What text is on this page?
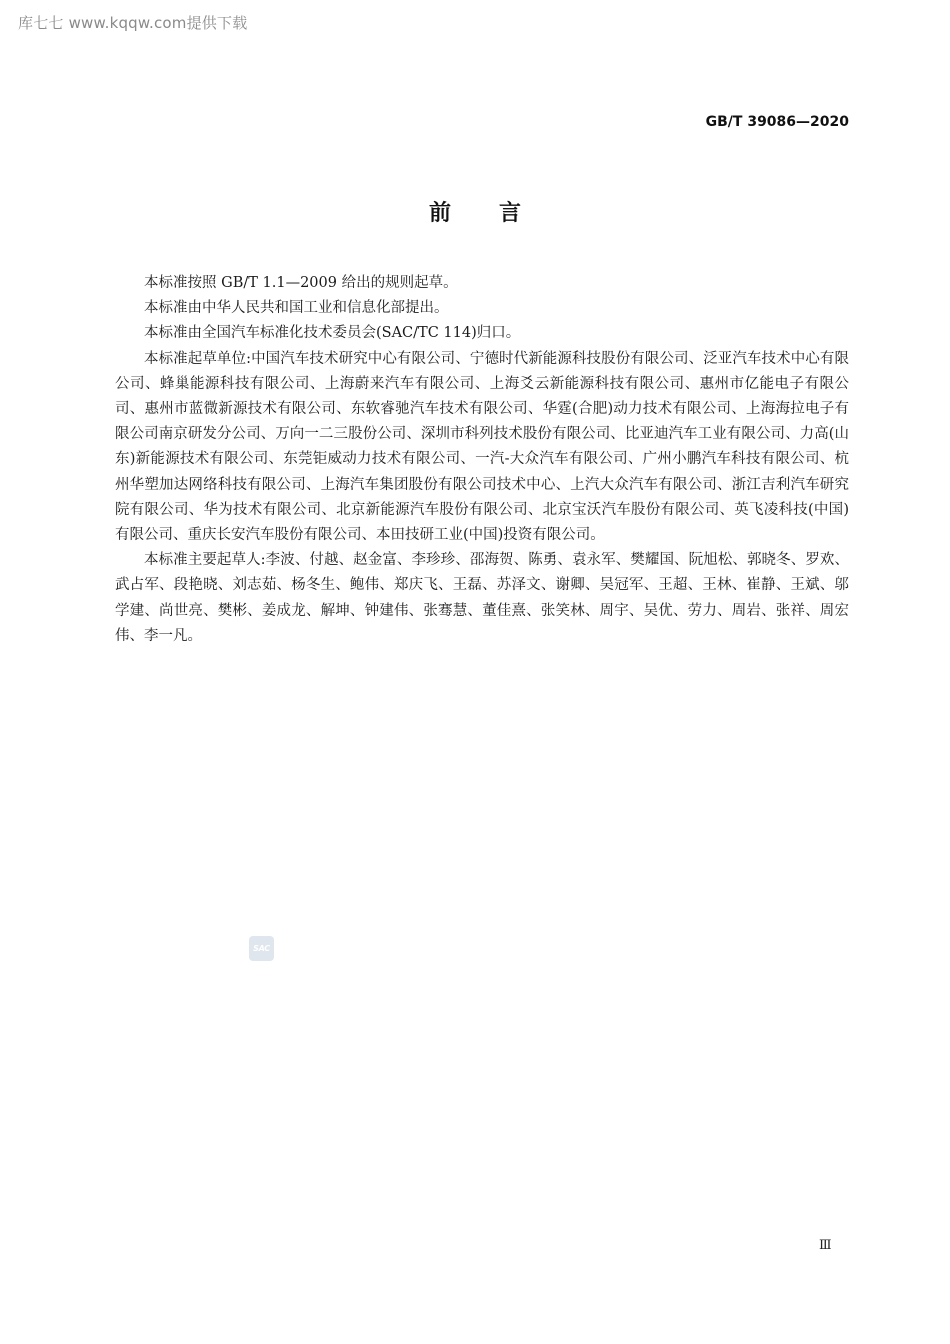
库七七 www.kqqw.com提供下载
GB/T 39086—2020
前言

本标准按照 GB/T 1.1—2009 给出的规则起草。

本标准由中华人民共和国工业和信息化部提出。

本标准由全国汽车标准化技术委员会(SAC/TC 114)归口。

本标准起草单位:中国汽车技术研究中心有限公司、宁德时代新能源科技股份有限公司、泛亚汽车技术中心有限公司、蜂巢能源科技有限公司、上海蔚来汽车有限公司、上海爻云新能源科技有限公司、惠州市亿能电子有限公司、惠州市蓝微新源技术有限公司、东软睿驰汽车技术有限公司、华霆(合肥)动力技术有限公司、上海海拉电子有限公司南京研发分公司、万向一二三股份公司、深圳市科列技术股份有限公司、比亚迪汽车工业有限公司、力高(山东)新能源技术有限公司、东莞钜威动力技术有限公司、一汽-大众汽车有限公司、广州小鹏汽车科技有限公司、杭州华塑加达网络科技有限公司、上海汽车集团股份有限公司技术中心、上汽大众汽车有限公司、浙江吉利汽车研究院有限公司、华为技术有限公司、北京新能源汽车股份有限公司、北京宝沃汽车股份有限公司、英飞凌科技(中国)有限公司、重庆长安汽车股份有限公司、本田技研工业(中国)投资有限公司。

本标准主要起草人:李波、付越、赵金富、李珍珍、邵海贺、陈勇、袁永军、樊耀国、阮旭松、郭晓冬、罗欢、武占军、段艳晓、刘志茹、杨冬生、鲍伟、郑庆飞、王磊、苏泽文、谢卿、吴冠军、王超、王林、崔静、王斌、邬学建、尚世亮、樊彬、姜成龙、解坤、钟建伟、张骞慧、董佳熹、张笑林、周宇、吴优、劳力、周岩、张祥、周宏伟、李一凡。

SAC
Ⅲ
